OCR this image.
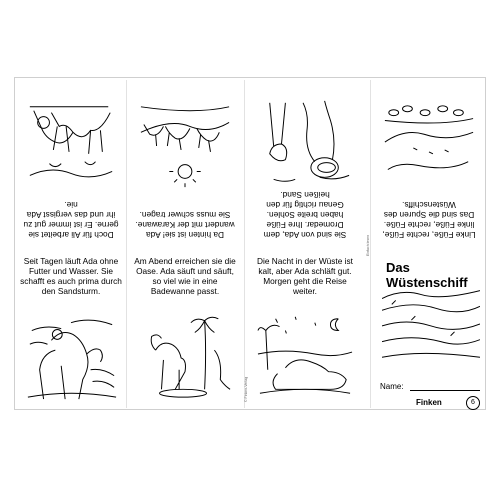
Doch für Ali arbeitet sie gerne. Er ist immer gut zu ihr und das vergisst Ada nie.
Da hinten ist sie! Ada wandert mit der Karawane. Sie muss schwer tragen.
Sie sind von Ada, dem Dromedar. Ihre Füße haben breite Sohlen. Genau richtig für den heißen Sand.
Linke Füße, rechte Füße, linke Füße, rechte Füße. Das sind die Spuren des Wüstenschiffs.
Seit Tagen läuft Ada ohne Futter und Wasser. Sie schafft es auch prima durch den Sandsturm.
Am Abend erreichen sie die Oase. Ada säuft und säuft, so viel wie in eine Badewanne passt.
Die Nacht in der Wüste ist kalt, aber Ada schläft gut. Morgen geht die Reise weiter.
Das Wüstenschiff
Name:
Finken	6
Einfach lesen
© Finken-Verlag
